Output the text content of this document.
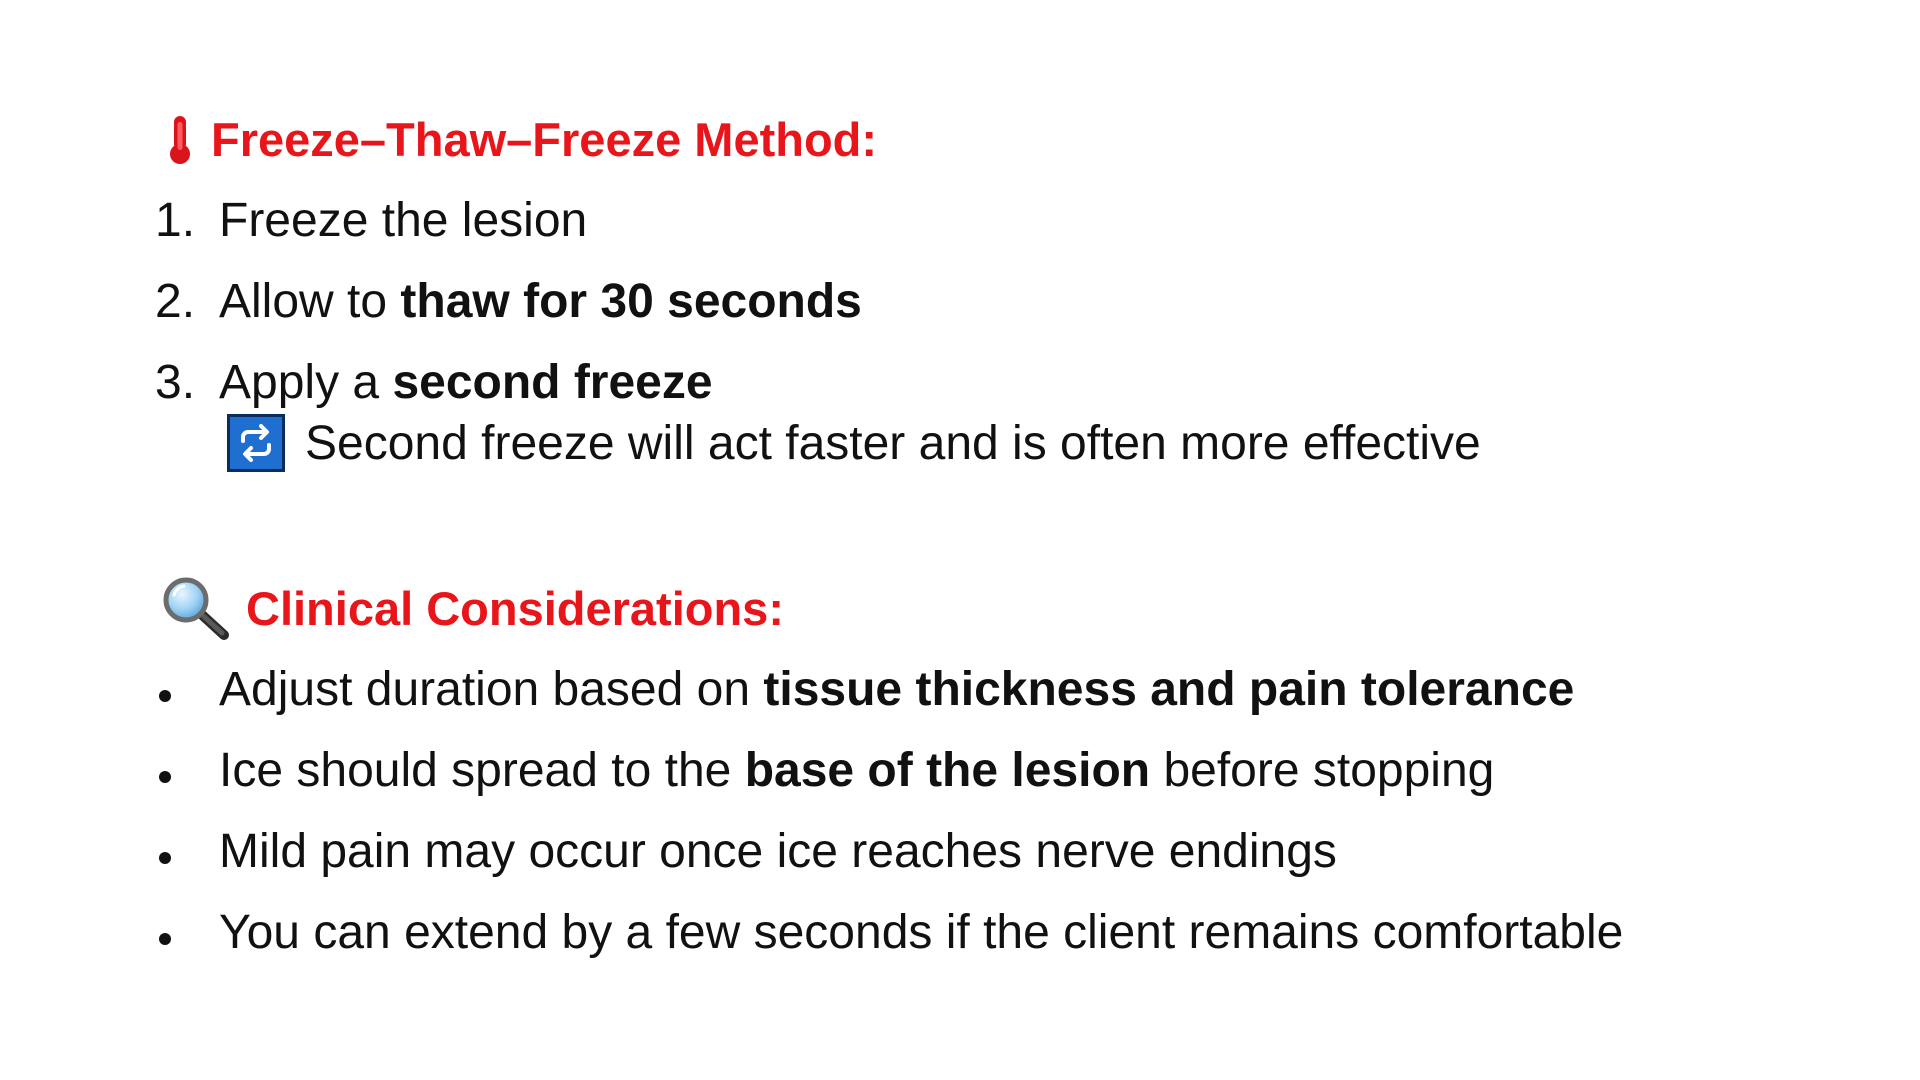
Freeze–Thaw–Freeze Method:
1. Freeze the lesion
2. Allow to thaw for 30 seconds
3. Apply a second freeze
Second freeze will act faster and is often more effective
Clinical Considerations:
Adjust duration based on tissue thickness and pain tolerance
Ice should spread to the base of the lesion before stopping
Mild pain may occur once ice reaches nerve endings
You can extend by a few seconds if the client remains comfortable
